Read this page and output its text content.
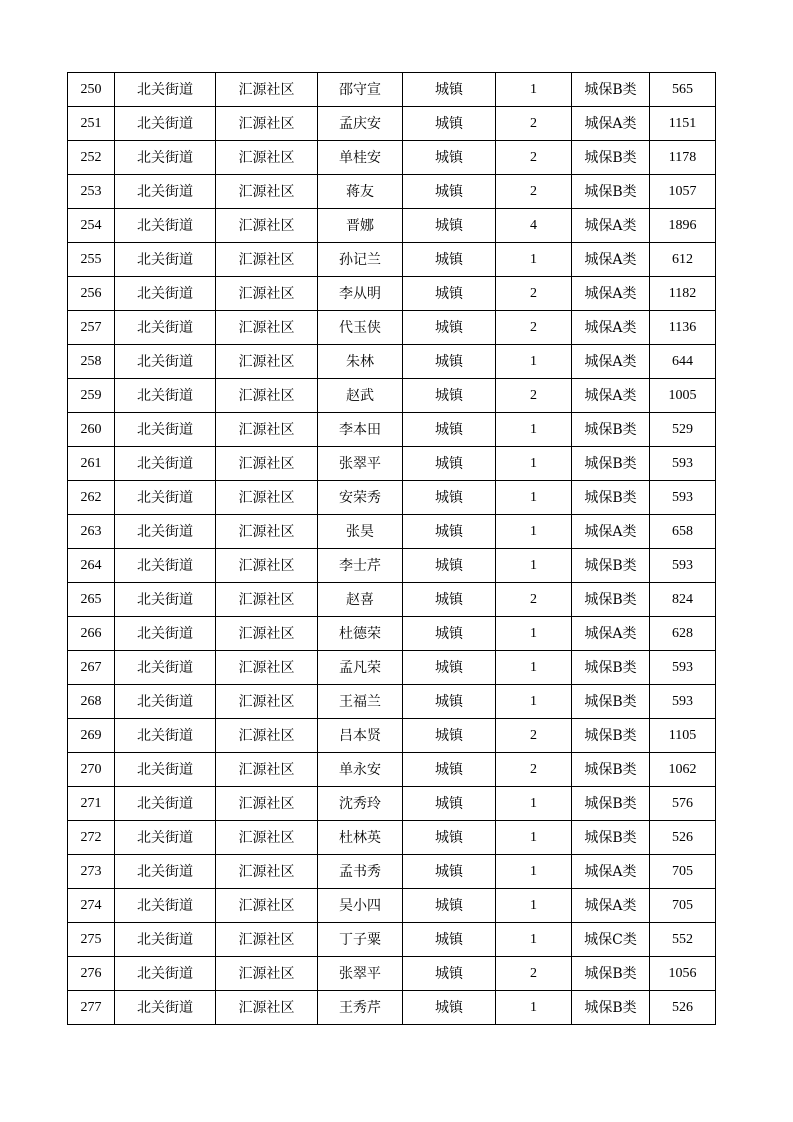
250	北关街道	汇源社区	邵守宣	城镇	1	城保B类	565
251	北关街道	汇源社区	孟庆安	城镇	2	城保A类	1151
252	北关街道	汇源社区	单桂安	城镇	2	城保B类	1178
253	北关街道	汇源社区	蒋友	城镇	2	城保B类	1057
254	北关街道	汇源社区	晋娜	城镇	4	城保A类	1896
255	北关街道	汇源社区	孙记兰	城镇	1	城保A类	612
256	北关街道	汇源社区	李从明	城镇	2	城保A类	1182
257	北关街道	汇源社区	代玉侠	城镇	2	城保A类	1136
258	北关街道	汇源社区	朱林	城镇	1	城保A类	644
259	北关街道	汇源社区	赵武	城镇	2	城保A类	1005
260	北关街道	汇源社区	李本田	城镇	1	城保B类	529
261	北关街道	汇源社区	张翠平	城镇	1	城保B类	593
262	北关街道	汇源社区	安荣秀	城镇	1	城保B类	593
263	北关街道	汇源社区	张昊	城镇	1	城保A类	658
264	北关街道	汇源社区	李士芹	城镇	1	城保B类	593
265	北关街道	汇源社区	赵喜	城镇	2	城保B类	824
266	北关街道	汇源社区	杜德荣	城镇	1	城保A类	628
267	北关街道	汇源社区	孟凡荣	城镇	1	城保B类	593
268	北关街道	汇源社区	王福兰	城镇	1	城保B类	593
269	北关街道	汇源社区	吕本贤	城镇	2	城保B类	1105
270	北关街道	汇源社区	单永安	城镇	2	城保B类	1062
271	北关街道	汇源社区	沈秀玲	城镇	1	城保B类	576
272	北关街道	汇源社区	杜林英	城镇	1	城保B类	526
273	北关街道	汇源社区	孟书秀	城镇	1	城保A类	705
274	北关街道	汇源社区	吴小四	城镇	1	城保A类	705
275	北关街道	汇源社区	丁子粟	城镇	1	城保C类	552
276	北关街道	汇源社区	张翠平	城镇	2	城保B类	1056
277	北关街道	汇源社区	王秀芹	城镇	1	城保B类	526
